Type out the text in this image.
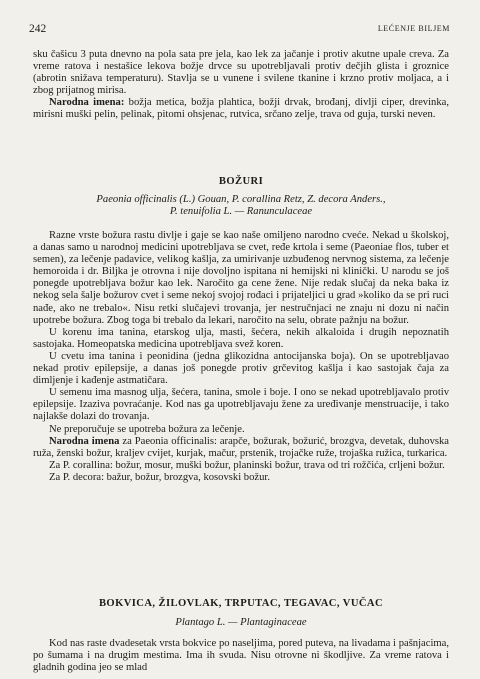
242	LEĆENJE BILJEM

sku čašicu 3 puta dnevno na pola sata pre jela, kao lek za jačanje i protiv akutne upale creva. Za vreme ratova i nestašice lekova božje drvce su upotrebljavali protiv dečjih glista i groznice (abrotin snižava temperaturu). Stavlja se u vunene i svilene tkanine i krzno protiv moljaca, a i zbog prijatnog mirisa.

Narodna imena: božja metica, božja plahtica, božji drvak, brođanj, divlji ciper, drevinka, mirisni muški pelin, pelinak, pitomi ohsjenac, rutvica, srčano zelje, trava od guja, turski neven.

BOŽURI
Paeonia officinalis (L.) Gouan, P. corallina Retz, Z. decora Anders.,
P. tenuifolia L. — Ranunculaceae

Razne vrste božura rastu divlje i gaje se kao naše omiljeno narodno cveće. Nekad u školskoj, a danas samo u narodnoj medicini upotrebljava se cvet, ređe krtola i seme (Paeoniae flos, tuber et semen), za lečenje padavice, velikog kašlja, za umirivanje uzbuđenog nervnog sistema, za lečenje hemoroida i dr. Biljka je otrovna i nije dovoljno ispitana ni hemijski ni klinički. U narodu se još ponegde upotrebljava božur kao lek. Naročito ga cene žene. Nije redak slučaj da neka baka iz nekog sela šalje božurov cvet i seme nekoj svojoj rođaci i prijateljici u grad »koliko da se pri ruci nađe, ako ne trebalo«. Nisu retki slučajevi trovanja, jer nestručnjaci ne znaju ni dozu ni način upotrebe božura. Zbog toga bi trebalo da lekari, naročito na selu, obrate pažnju na božur.

U korenu ima tanina, etarskog ulja, masti, šećera, nekih alkaloida i drugih nepoznatih sastojaka. Homeopatska medicina upotrebljava svež koren.

U cvetu ima tanina i peonidina (jedna glikozidna antocijanska boja). On se upotrebljavao nekad protiv epilepsije, a danas još ponegde protiv grčevitog kašlja i kao sastojak čaja za dimljenje i kađenje astmatičara.

U semenu ima masnog ulja, šećera, tanina, smole i boje. I ono se nekad upotrebljavalo protiv epilepsije. Izaziva povraćanje. Kod nas ga upotrebljavaju žene za uređivanje menstruacije, i tako najlakše dolazi do trovanja.

Ne preporučuje se upotreba božura za lečenje.

Narodna imena za Paeonia officinalis: arapče, božurak, božurić, brozgva, devetak, duhovska ruža, ženski božur, kraljev cvijet, kurjak, mačur, prstenik, trojačke ruže, trojaška ružica, turkarica.

Za P. corallina: božur, mosur, muški božur, planinski božur, trava od tri rožčića, crljeni božur.

Za P. decora: bažur, božur, brozgva, kosovski božur.

BOKVICA, ŽILOVLAK, TRPUTAC, TEGAVAC, VUČAC
Plantago L. — Plantaginaceae

Kod nas raste dvadesetak vrsta bokvice po naseljima, pored puteva, na livadama i pašnjacima, po šumama i na drugim mestima. Ima ih svuda. Nisu otrovne ni škodljive. Za vreme ratova i gladnih godina jeo se mlad
